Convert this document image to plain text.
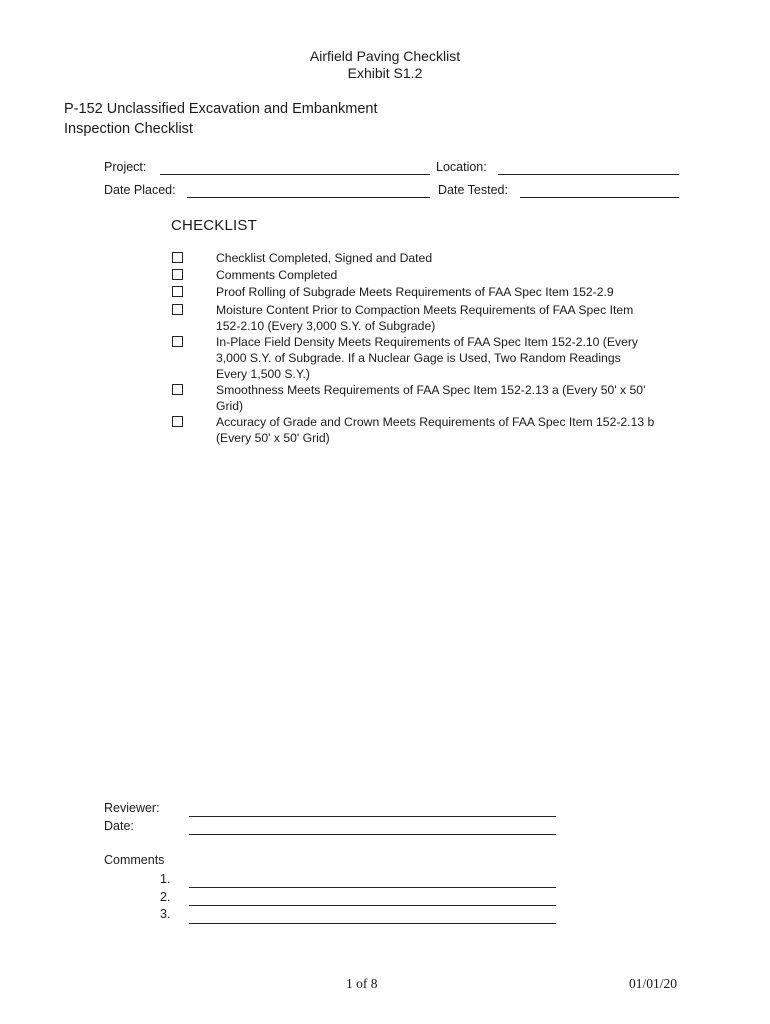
Airfield Paving Checklist
Exhibit S1.2
P-152 Unclassified Excavation and Embankment
Inspection Checklist
Project:	Location:
Date Placed:	Date Tested:
CHECKLIST
Checklist Completed, Signed and Dated
Comments Completed
Proof Rolling of Subgrade Meets Requirements of FAA Spec Item 152-2.9
Moisture Content Prior to Compaction Meets Requirements of FAA Spec Item
152-2.10 (Every 3,000 S.Y. of Subgrade)
In-Place Field Density Meets Requirements of FAA Spec Item 152-2.10 (Every
3,000 S.Y. of Subgrade. If a Nuclear Gage is Used, Two Random Readings
Every 1,500 S.Y.)
Smoothness Meets Requirements of FAA Spec Item 152-2.13 a (Every 50' x 50'
Grid)
Accuracy of Grade and Crown Meets Requirements of FAA Spec Item 152-2.13 b
(Every 50' x 50' Grid)
Reviewer:
Date:
Comments
1.
2.
3.
1 of 8	01/01/20
